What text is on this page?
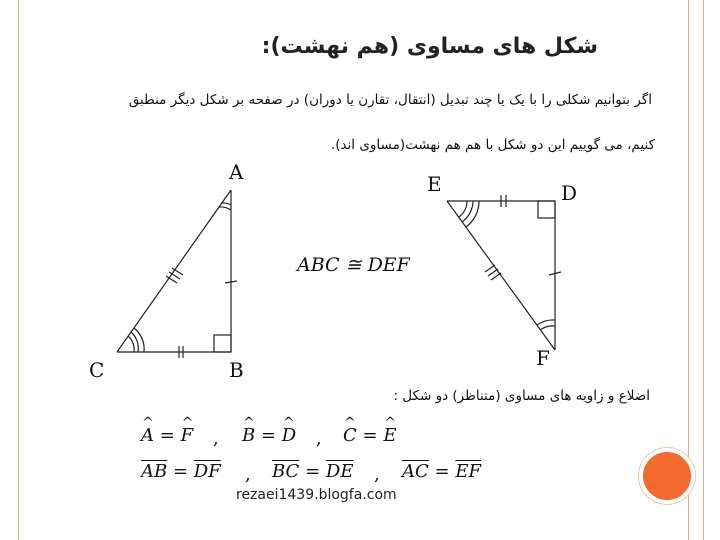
شکل های مساوی (هم نهشت):
اگر بتوانیم شکلی را با یک یا چند تبدیل (انتقال، تقارن یا دوران) در صفحه بر شکل دیگر منطبق
کنیم، می گوییم این دو شکل با هم هم نهشت(مساوی اند).
A
B
C
D
E
F
ABC ≅ DEF
اضلاع و زاویه های مساوی (متناظر) دو شکل :
^ A = ^ F , ^ B = ^ D , ^ C = ^ E
$\overline{AB} = \overline{DF}$ , $\overline{BC} = \overline{DE}$ , $\overline{AC} = \overline{EF}$
rezaei1439.blogfa.com
